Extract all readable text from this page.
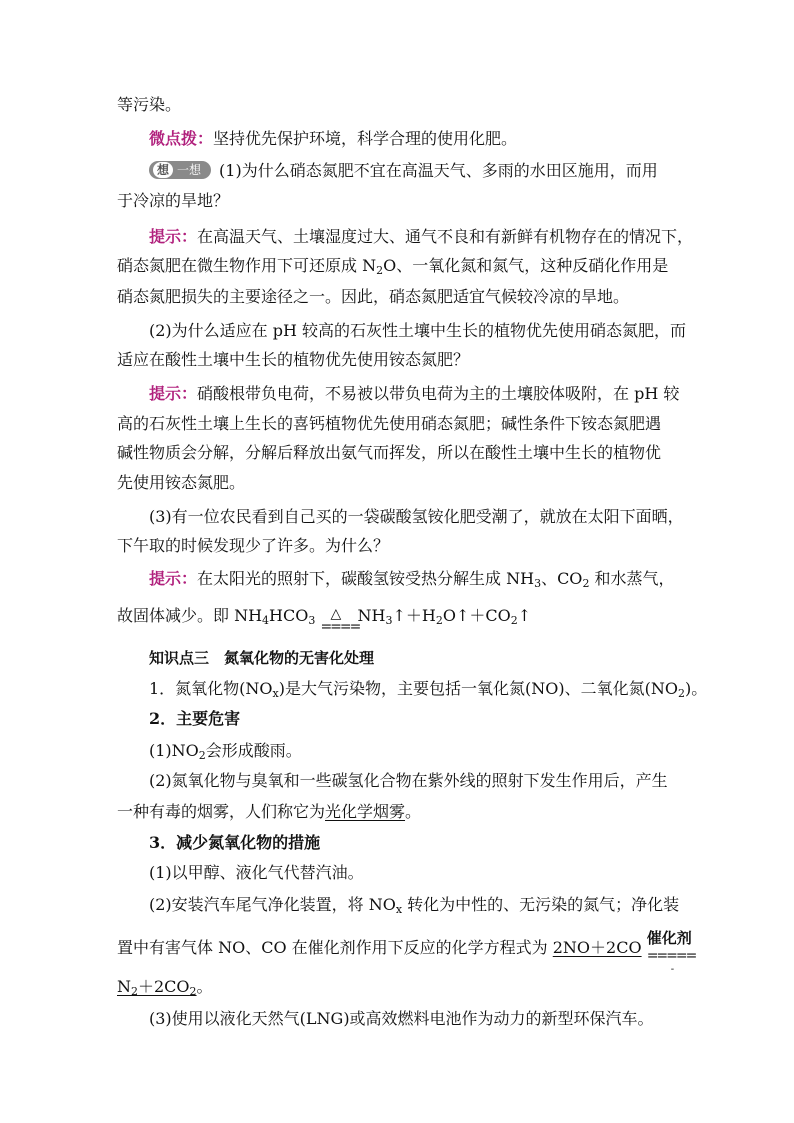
等污染。
微点拨：坚持优先保护环境，科学合理的使用化肥。
想 一想 (1)为什么硝态氮肥不宜在高温天气、多雨的水田区施用，而用
于冷凉的旱地？
提示：在高温天气、土壤湿度过大、通气不良和有新鲜有机物存在的情况下，
硝态氮肥在微生物作用下可还原成 $N_2O$、一氧化氮和氮气，这种反硝化作用是
硝态氮肥损失的主要途径之一。因此，硝态氮肥适宜气候较冷凉的旱地。
(2)为什么适应在 pH 较高的石灰性土壤中生长的植物优先使用硝态氮肥，而
适应在酸性土壤中生长的植物优先使用铵态氮肥？
提示：硝酸根带负电荷，不易被以带负电荷为主的土壤胶体吸附，在 pH 较
高的石灰性土壤上生长的喜钙植物优先使用硝态氮肥；碱性条件下铵态氮肥遇
碱性物质会分解，分解后释放出氨气而挥发，所以在酸性土壤中生长的植物优
先使用铵态氮肥。
(3)有一位农民看到自己买的一袋碳酸氢铵化肥受潮了，就放在太阳下面晒，
下午取的时候发现少了许多。为什么？
提示：在太阳光的照射下，碳酸氢铵受热分解生成 $NH_3$、$CO_2$ 和水蒸气，
故固体减少。即 $NH_4HCO_3$ △
====
$NH_3↑+H_2O↑+CO_2↑$
知识点三　氮氧化物的无害化处理
1．氮氧化物$(NO_x)$是大气污染物，主要包括一氧化氮(NO)、二氧化氮$(NO_2)$。
2．主要危害
$(1)NO_2$会形成酸雨。
(2)氮氧化物与臭氧和一些碳氢化合物在紫外线的照射下发生作用后，产生
一种有毒的烟雾，人们称它为光化学烟雾。
3．减少氮氧化物的措施
(1)以甲醇、液化气代替汽油。
(2)安装汽车尾气净化装置，将 $NO_x$ 转化为中性的、无污染的氮气；净化装
置中有害气体 NO、CO 在催化剂作用下反应的化学方程式为 2NO＋2CO 催化剂
=====
-
$N_2+2CO_2$。
(3)使用以液化天然气(LNG)或高效燃料电池作为动力的新型环保汽车。
